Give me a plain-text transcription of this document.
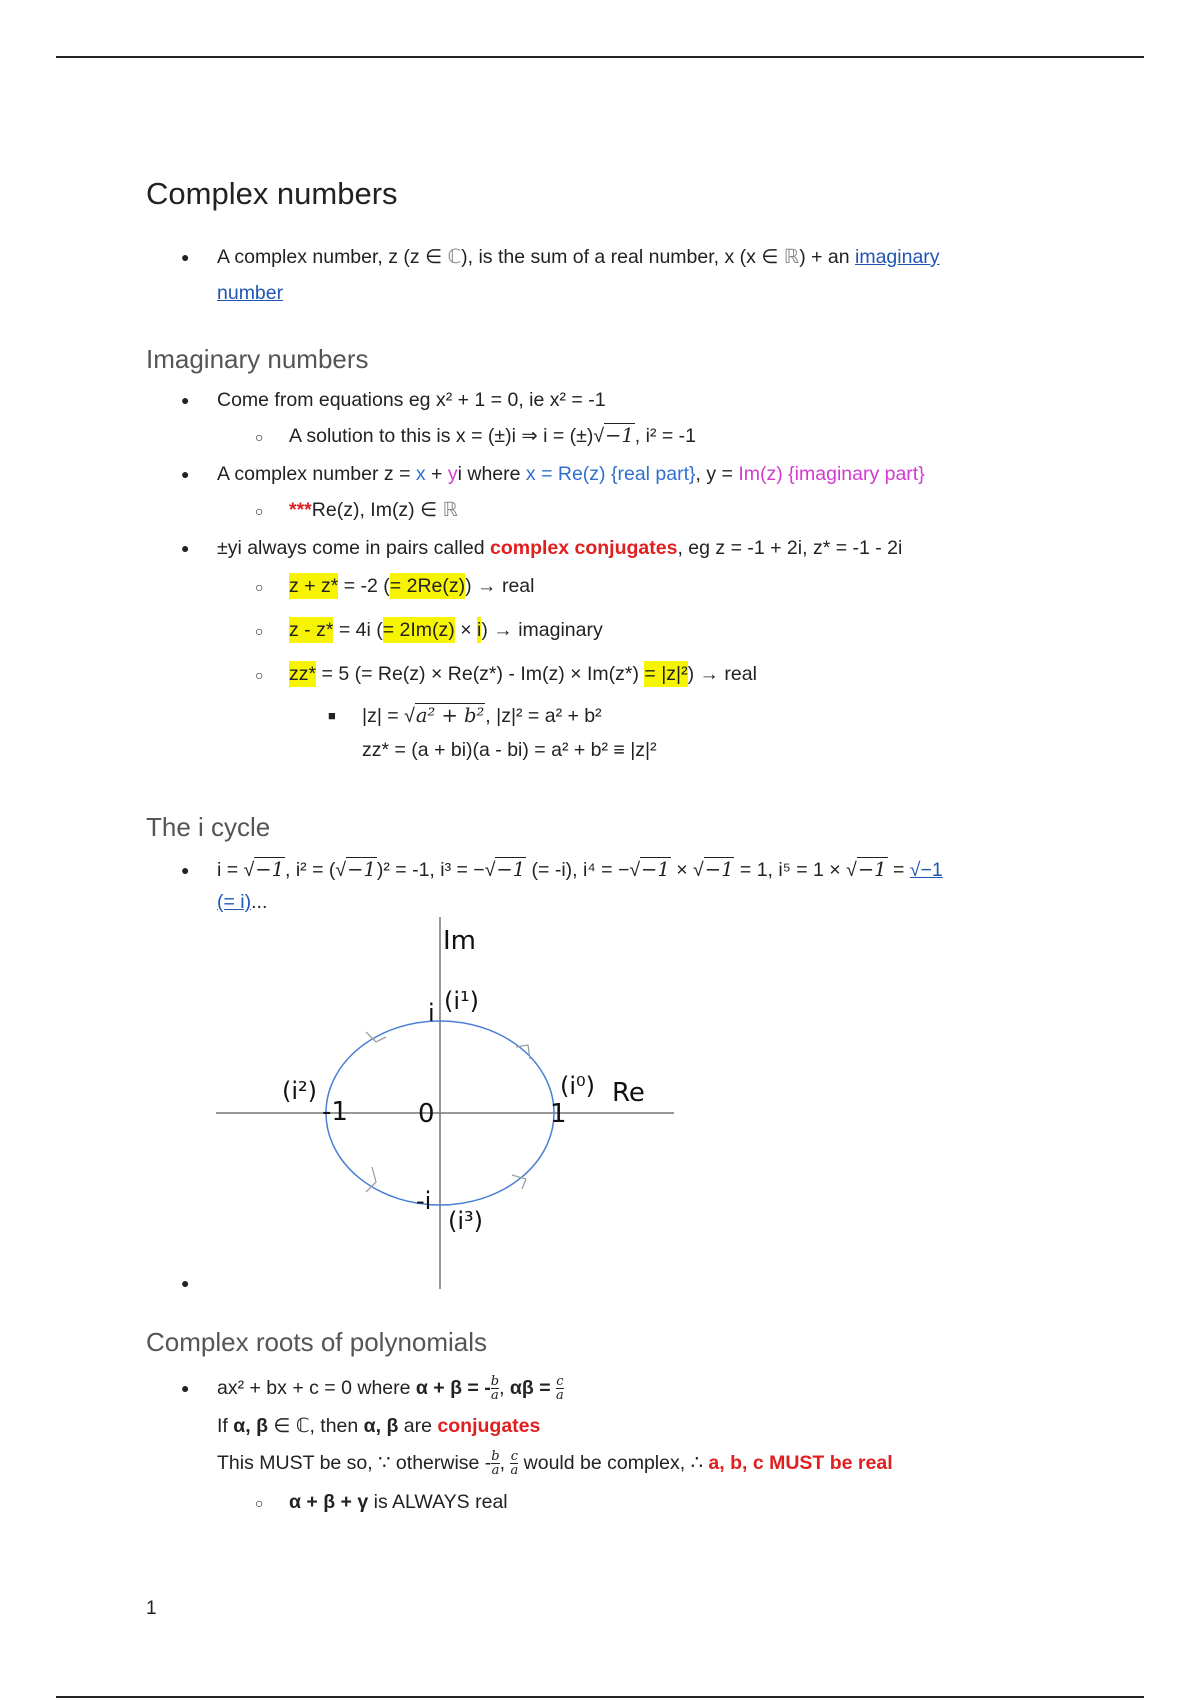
Complex numbers
● A complex number, z (z ∈ ℂ), is the sum of a real number, x (x ∈ ℝ) + an imaginary
number
Imaginary numbers
● Come from equations eg x² + 1 = 0, ie x² = -1
○ A solution to this is x = (±)i ⇒ i = (±)√−1, i² = -1
● A complex number z = x + yi where x = Re(z) {real part}, y = Im(z) {imaginary part}
○ ***Re(z), Im(z) ∈ ℝ
● ±yi always come in pairs called complex conjugates, eg z = -1 + 2i, z* = -1 - 2i
○ z + z* = -2 (= 2Re(z)) → real
○ z - z* = 4i (= 2Im(z) × i) → imaginary
○ zz* = 5 (= Re(z) × Re(z*) - Im(z) × Im(z*) = |z|²) → real
■ |z| = √a² + b², |z|² = a² + b²
zz* = (a + bi)(a - bi) = a² + b² ≡ |z|²
The i cycle
● i = √−1, i² = (√−1)² = -1, i³ = −√−1 (= -i), i⁴ = −√−1 × √−1 = 1, i⁵ = 1 × √−1 = √−1
(= i)...
Im
Re
0	1
-1
i
-i
(i⁰)
(i¹)
(i²)
(i³)
Complex roots of polynomials
● ax² + bx + c = 0 where α + β = - $\frac{b}{a}$ , $\alpha\beta = \frac{c}{a}$
If α, β ∈ ℂ, then α, β are conjugates
This MUST be so, ∵ otherwise - $\frac{b}{a}$ , $\frac{c}{a}$ would be complex, ∴ a, b, c MUST be real
○ α + β + γ is ALWAYS real
1
